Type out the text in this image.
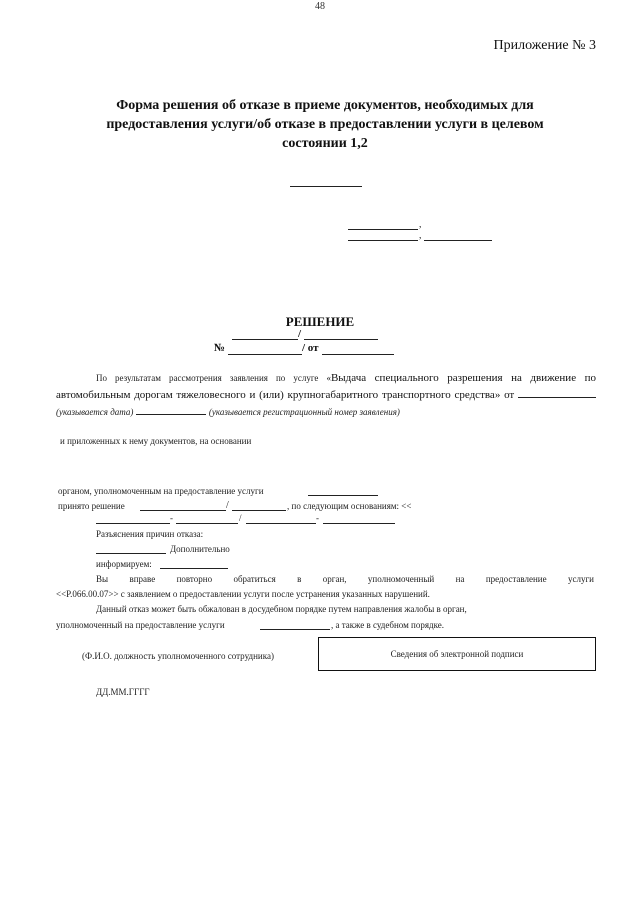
48
Приложение № 3
Форма решения об отказе в приеме документов, необходимых для
предоставления услуги/об отказе в предоставлении услуги в целевом
состоянии 1,2
,
,
РЕШЕНИЕ
/
№	/ от
По результатам рассмотрения заявления по услуге «Выдача специального разрешения на движение по автомобильным дорогам тяжеловесного и (или) крупногабаритного транспортного средства» от  (указывается дата)	(указывается регистрационный номер заявления)
и приложенных к нему документов, на основании
органом, уполномоченным на предоставление услуги
принято решение	/	, по следующим основаниям: <<
-	/	-
Разъяснения причин отказа:
Дополнительно
информируем:
Вы вправе повторно обратиться в орган, уполномоченный на предоставление услуги
<<P.066.00.07>> с заявлением о предоставлении услуги после устранения указанных нарушений.
Данный отказ может быть обжалован в досудебном порядке путем направления жалобы в орган,
уполномоченный на предоставление услуги	, а также в судебном порядке.
(Ф.И.О. должность уполномоченного сотрудника)	Сведения об электронной подписи
ДД.ММ.ГГГГ
